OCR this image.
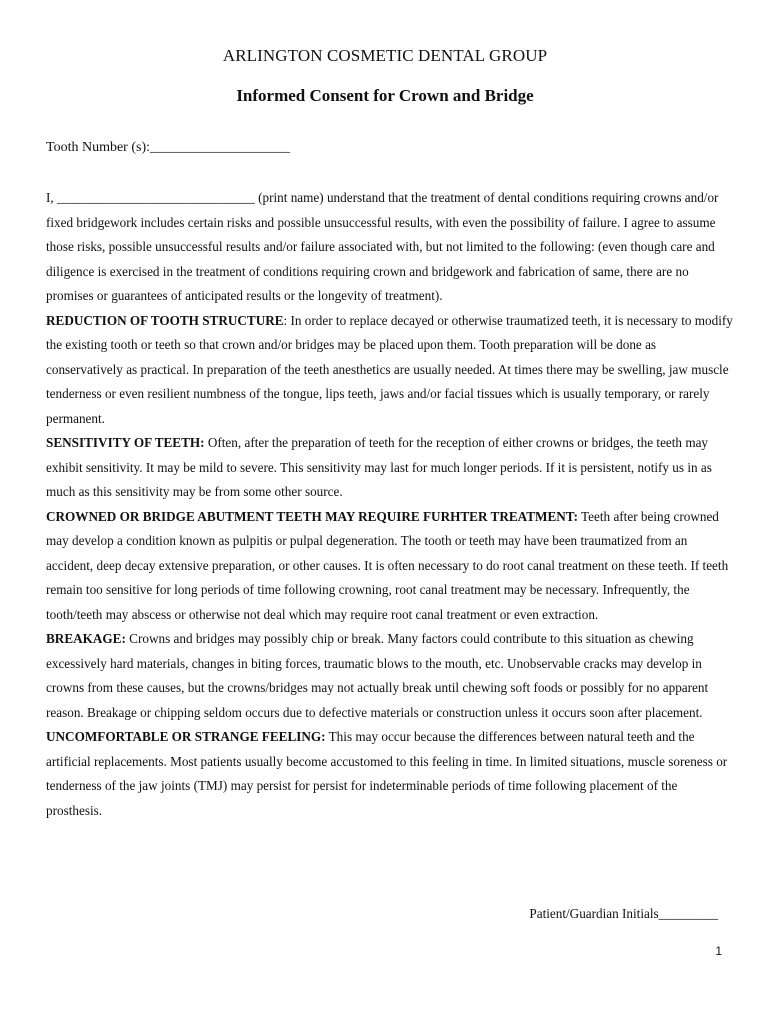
ARLINGTON COSMETIC DENTAL GROUP
Informed Consent for Crown and Bridge
Tooth Number (s):____________________

I, ______________________________ (print name) understand that the treatment of dental conditions requiring crowns and/or fixed bridgework includes certain risks and possible unsuccessful results, with even the possibility of failure. I agree to assume those risks, possible unsuccessful results and/or failure associated with, but not limited to the following: (even though care and diligence is exercised in the treatment of conditions requiring crown and bridgework and fabrication of same, there are no promises or guarantees of anticipated results or the longevity of treatment).

REDUCTION OF TOOTH STRUCTURE: In order to replace decayed or otherwise traumatized teeth, it is necessary to modify the existing tooth or teeth so that crown and/or bridges may be placed upon them. Tooth preparation will be done as conservatively as practical. In preparation of the teeth anesthetics are usually needed. At times there may be swelling, jaw muscle tenderness or even resilient numbness of the tongue, lips teeth, jaws and/or facial tissues which is usually temporary, or rarely permanent.

SENSITIVITY OF TEETH: Often, after the preparation of teeth for the reception of either crowns or bridges, the teeth may exhibit sensitivity. It may be mild to severe. This sensitivity may last for much longer periods. If it is persistent, notify us in as much as this sensitivity may be from some other source.

CROWNED OR BRIDGE ABUTMENT TEETH MAY REQUIRE FURHTER TREATMENT: Teeth after being crowned may develop a condition known as pulpitis or pulpal degeneration. The tooth or teeth may have been traumatized from an accident, deep decay extensive preparation, or other causes. It is often necessary to do root canal treatment on these teeth. If teeth remain too sensitive for long periods of time following crowning, root canal treatment may be necessary. Infrequently, the tooth/teeth may abscess or otherwise not deal which may require root canal treatment or even extraction.

BREAKAGE: Crowns and bridges may possibly chip or break. Many factors could contribute to this situation as chewing excessively hard materials, changes in biting forces, traumatic blows to the mouth, etc. Unobservable cracks may develop in crowns from these causes, but the crowns/bridges may not actually break until chewing soft foods or possibly for no apparent reason. Breakage or chipping seldom occurs due to defective materials or construction unless it occurs soon after placement.

UNCOMFORTABLE OR STRANGE FEELING: This may occur because the differences between natural teeth and the artificial replacements. Most patients usually become accustomed to this feeling in time. In limited situations, muscle soreness or tenderness of the jaw joints (TMJ) may persist for persist for indeterminable periods of time following placement of the prosthesis.

Patient/Guardian Initials_________
1
